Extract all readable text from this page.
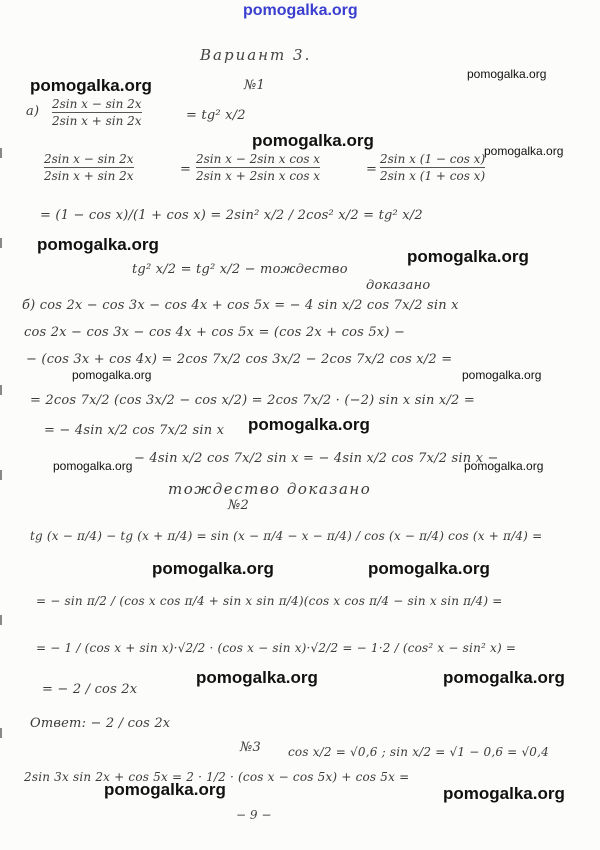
pomogalka.org
pomogalka.org
pomogalka.org
pomogalka.org
pomogalka.org
pomogalka.org
pomogalka.org
pomogalka.org	pomogalka.org
pomogalka.org
pomogalka.org	pomogalka.org
pomogalka.org	pomogalka.org
pomogalka.org	pomogalka.org
pomogalka.org	pomogalka.org
Вариант 3.
№1
а) 2sin x − sin 2x
2sin x + sin 2x	= tg² x/2
2sin x − sin 2x
2sin x + sin 2x	=
2sin x − 2sin x cos x
2sin x + 2sin x cos x	=
2sin x (1 − cos x)
2sin x (1 + cos x)
= (1 − cos x)/(1 + cos x) = 2sin² x/2 / 2cos² x/2 = tg² x/2
tg² x/2 = tg² x/2 − тождество
доказано
б) cos 2x − cos 3x − cos 4x + cos 5x = − 4 sin x/2 cos 7x/2 sin x
cos 2x − cos 3x − cos 4x + cos 5x = (cos 2x + cos 5x) −
− (cos 3x + cos 4x) = 2cos 7x/2 cos 3x/2 − 2cos 7x/2 cos x/2 =
= 2cos 7x/2 (cos 3x/2 − cos x/2) = 2cos 7x/2 · (−2) sin x sin x/2 =
= − 4sin x/2 cos 7x/2 sin x
− 4sin x/2 cos 7x/2 sin x = − 4sin x/2 cos 7x/2 sin x −
тождество доказано
№2
tg (x − π/4) − tg (x + π/4) = sin (x − π/4 − x − π/4) / cos (x − π/4) cos (x + π/4) =
= − sin π/2 / (cos x cos π/4 + sin x sin π/4)(cos x cos π/4 − sin x sin π/4) =
= − 1 / (cos x + sin x)·√2/2 · (cos x − sin x)·√2/2 = − 1·2 / (cos² x − sin² x) =
= − 2 / cos 2x
Ответ: − 2 / cos 2x
№3 cos x/2 = √0,6 ; sin x/2 = √1 − 0,6 = √0,4
2sin 3x sin 2x + cos 5x = 2 · 1/2 · (cos x − cos 5x) + cos 5x =
− 9 −
